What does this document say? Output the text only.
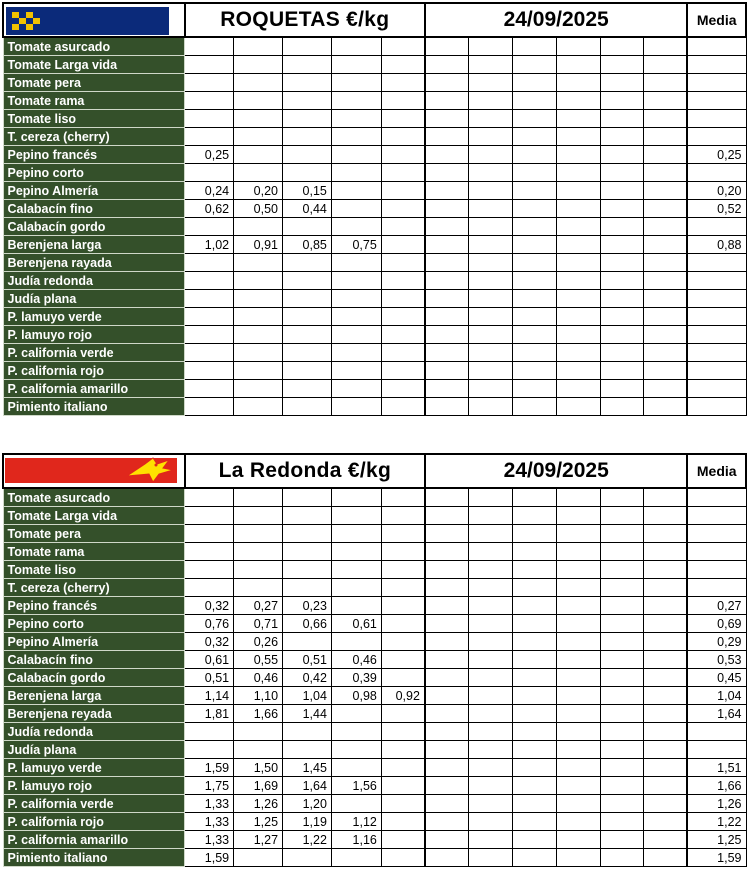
	ROQUETAS €/kg					24/09/2025						Media
Tomate asurcado												
Tomate Larga vida												
Tomate pera												
Tomate rama												
Tomate liso												
T. cereza (cherry)												
Pepino francés	0,25											0,25
Pepino corto												
Pepino Almería	0,24	0,20	0,15									0,20
Calabacín fino	0,62	0,50	0,44									0,52
Calabacín gordo												
Berenjena larga	1,02	0,91	0,85	0,75								0,88
Berenjena rayada												
Judía redonda												
Judía plana												
P. lamuyo verde												
P. lamuyo rojo												
P. california verde												
P. california rojo												
P. california amarillo												
Pimiento italiano												
	La Redonda €/kg					24/09/2025						Media
Tomate asurcado												
Tomate Larga vida												
Tomate pera												
Tomate rama												
Tomate liso												
T. cereza (cherry)												
Pepino francés	0,32	0,27	0,23									0,27
Pepino corto	0,76	0,71	0,66	0,61								0,69
Pepino Almería	0,32	0,26										0,29
Calabacín fino	0,61	0,55	0,51	0,46								0,53
Calabacín gordo	0,51	0,46	0,42	0,39								0,45
Berenjena larga	1,14	1,10	1,04	0,98	0,92							1,04
Berenjena reyada	1,81	1,66	1,44									1,64
Judía redonda												
Judía plana												
P. lamuyo verde	1,59	1,50	1,45									1,51
P. lamuyo rojo	1,75	1,69	1,64	1,56								1,66
P. california verde	1,33	1,26	1,20									1,26
P. california rojo	1,33	1,25	1,19	1,12								1,22
P. california amarillo	1,33	1,27	1,22	1,16								1,25
Pimiento italiano	1,59											1,59
